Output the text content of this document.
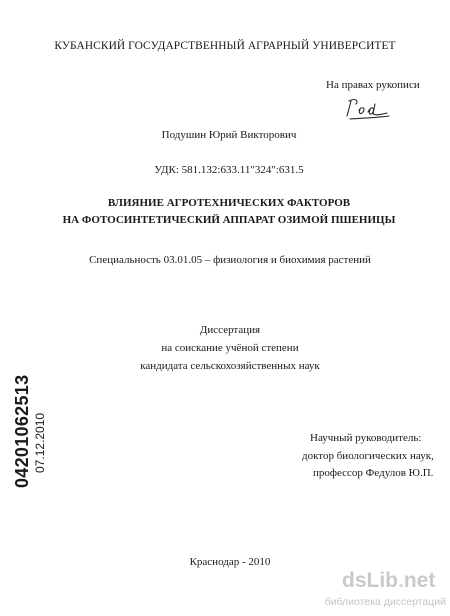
КУБАНСКИЙ ГОСУДАРСТВЕННЫЙ АГРАРНЫЙ УНИВЕРСИТЕТ
На правах рукописи
Подушин Юрий Викторович
УДК: 581.132:633.11"324":631.5
ВЛИЯНИЕ АГРОТЕХНИЧЕСКИХ ФАКТОРОВ
НА ФОТОСИНТЕТИЧЕСКИЙ АППАРАТ ОЗИМОЙ ПШЕНИЦЫ
Специальность 03.01.05 – физиология и биохимия растений
Диссертация
на соискание учёной степени
кандидата сельскохозяйственных наук
Научный руководитель:
доктор биологических наук,
профессор Федулов Ю.П.
Краснодар - 2010
04201062513 07.12.2010
dsLib.net
библиотека диссертаций
